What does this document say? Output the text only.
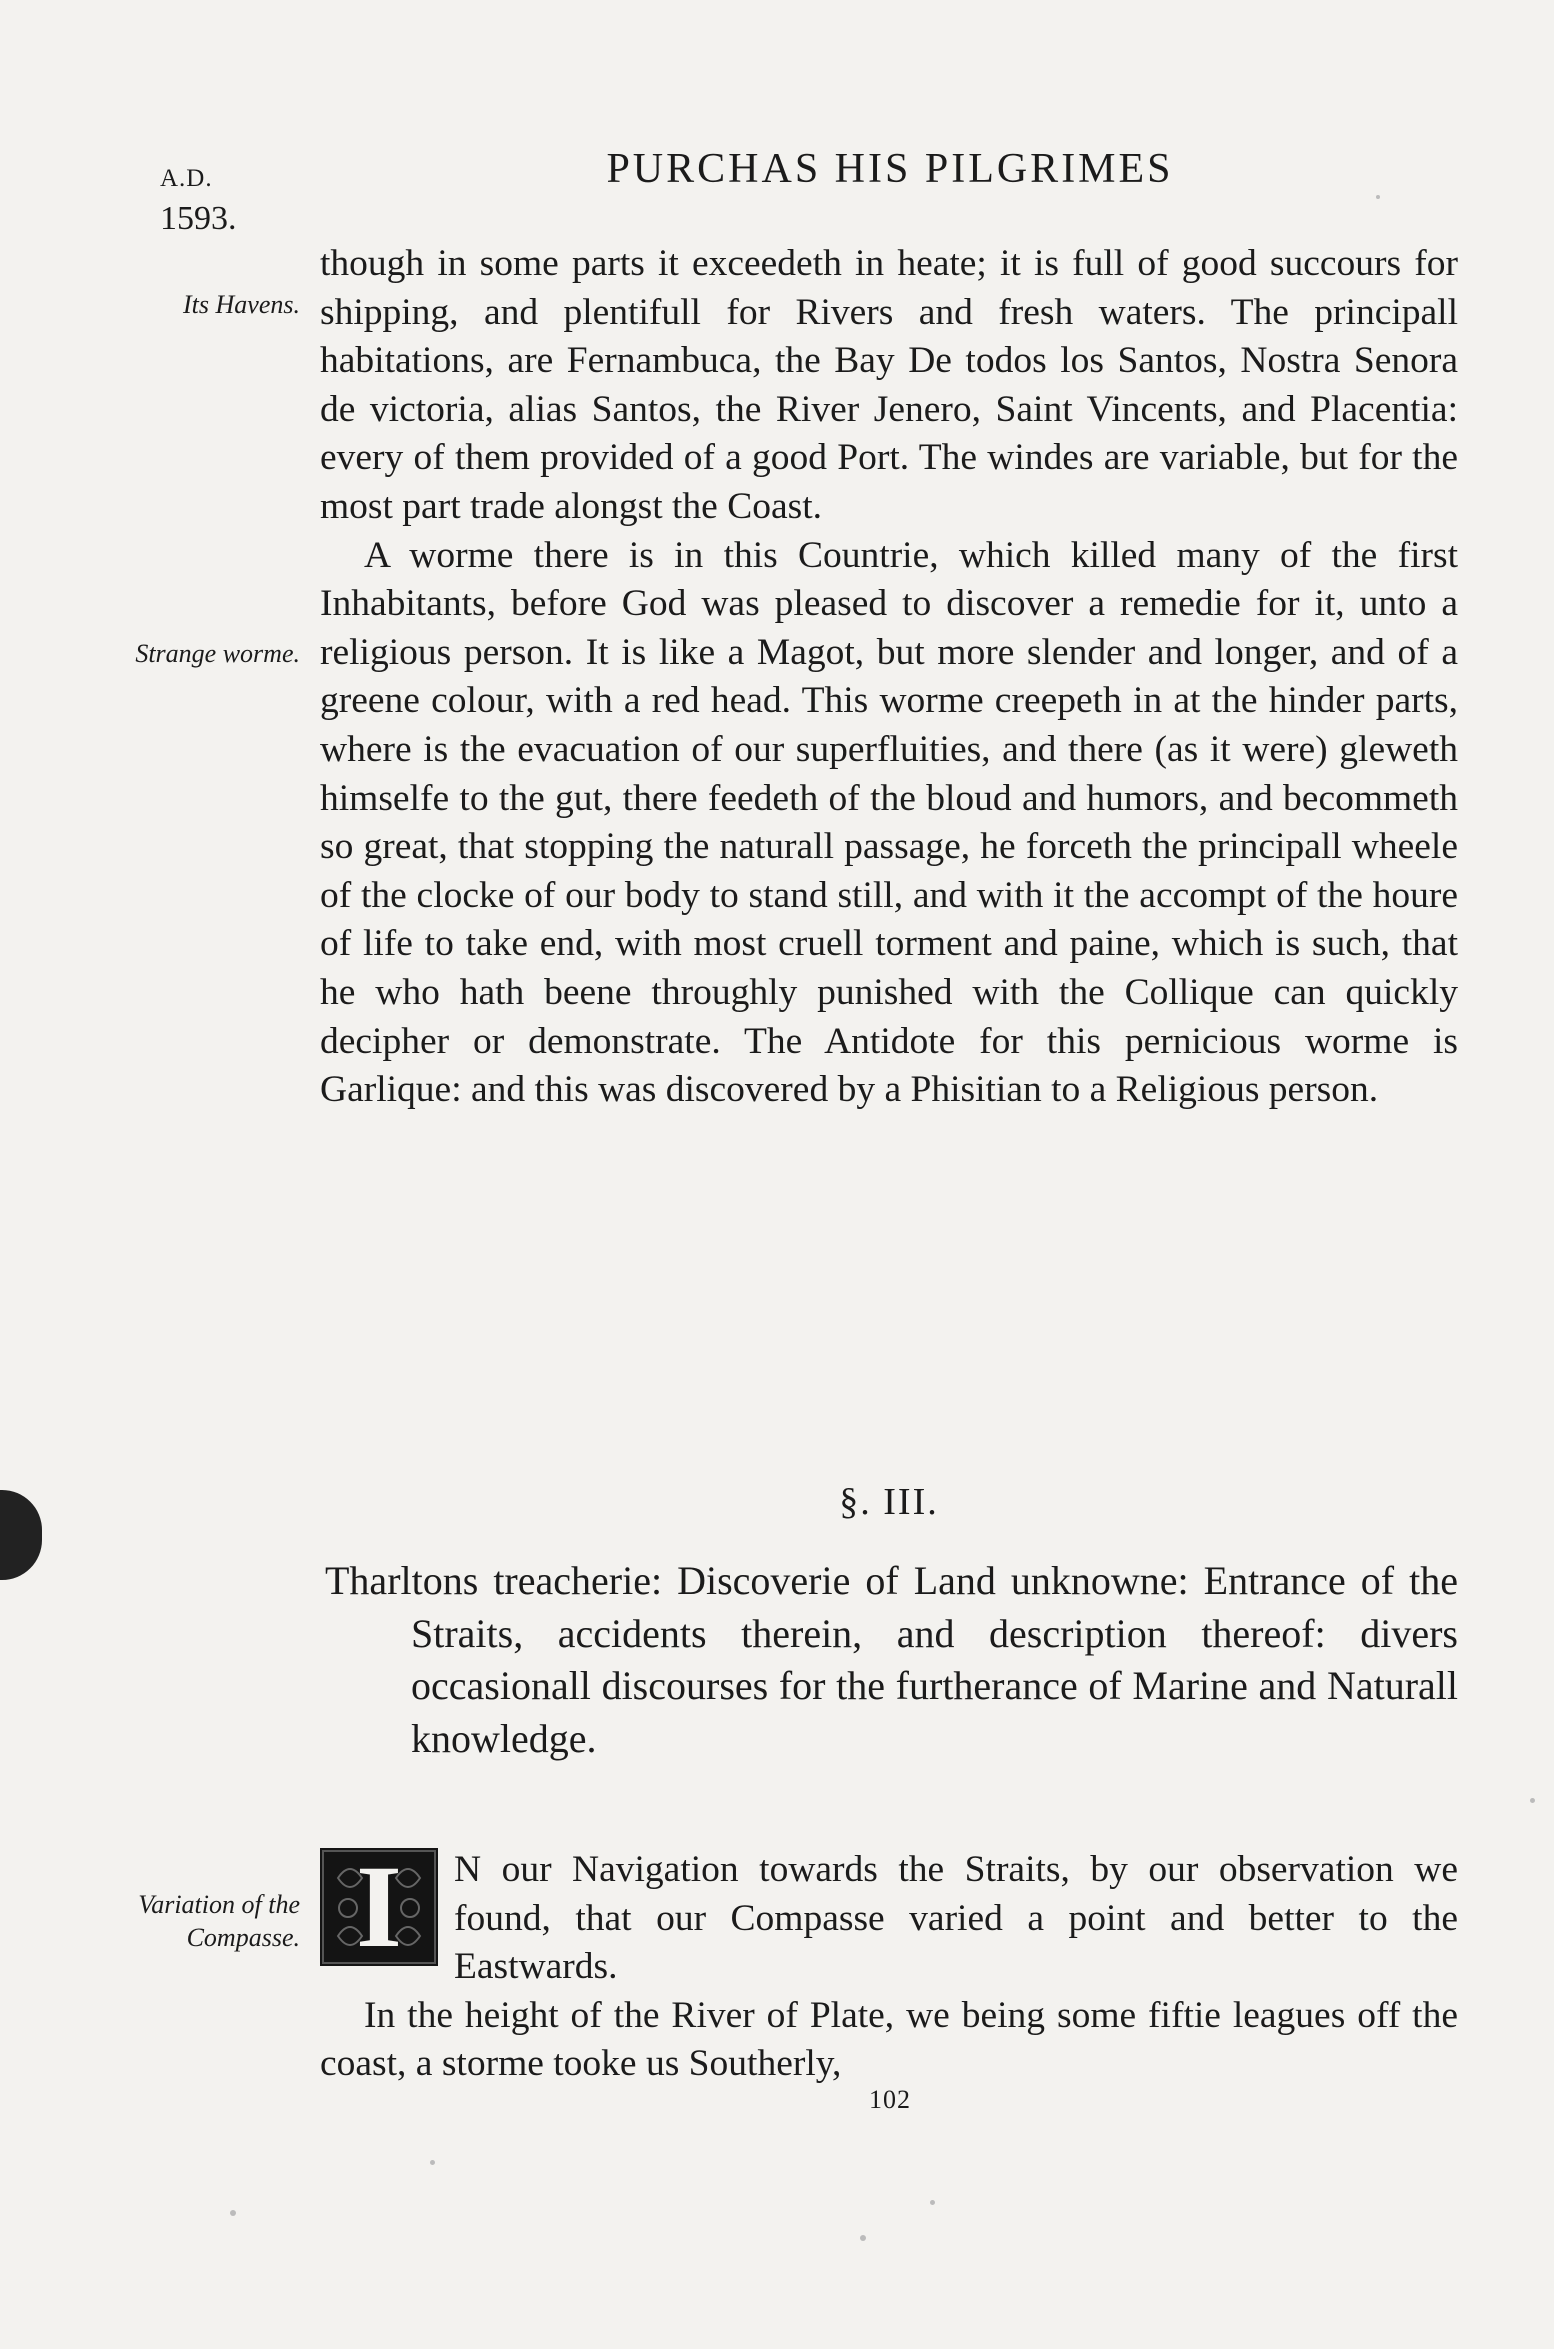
A.D.
1593.
PURCHAS HIS PILGRIMES
Its Havens.
Strange worme.
Variation of the Compasse.

though in some parts it exceedeth in heate; it is full of good succours for shipping, and plentifull for Rivers and fresh waters. The principall habitations, are Fernambuca, the Bay De todos los Santos, Nostra Senora de victoria, alias Santos, the River Jenero, Saint Vincents, and Placentia: every of them provided of a good Port. The windes are variable, but for the most part trade alongst the Coast.

A worme there is in this Countrie, which killed many of the first Inhabitants, before God was pleased to discover a remedie for it, unto a religious person. It is like a Magot, but more slender and longer, and of a greene colour, with a red head. This worme creepeth in at the hinder parts, where is the evacuation of our superfluities, and there (as it were) gleweth himselfe to the gut, there feedeth of the bloud and humors, and becommeth so great, that stopping the naturall passage, he forceth the principall wheele of the clocke of our body to stand still, and with it the accompt of the houre of life to take end, with most cruell torment and paine, which is such, that he who hath beene throughly punished with the Collique can quickly decipher or demonstrate. The Antidote for this pernicious worme is Garlique: and this was discovered by a Phisitian to a Religious person.

§. III.
Tharltons treacherie: Discoverie of Land unknowne: Entrance of the Straits, accidents therein, and description thereof: divers occasionall discourses for the furtherance of Marine and Naturall knowledge.
I	N our Navigation towards the Straits, by our observation we found, that our Compasse varied a point and better to the Eastwards.

In the height of the River of Plate, we being some fiftie leagues off the coast, a storme tooke us Southerly,

102
